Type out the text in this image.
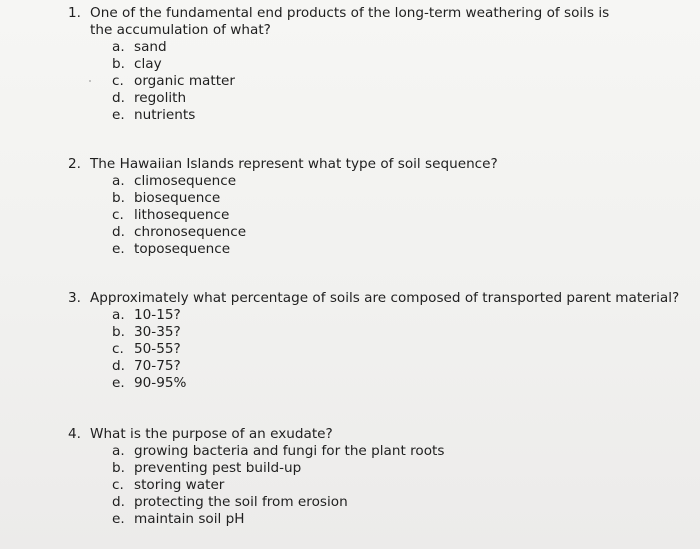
1. One of the fundamental end products of the long-term weathering of soils is the accumulation of what?
a. sand
b. clay
c. organic matter
d. regolith
e. nutrients
2. The Hawaiian Islands represent what type of soil sequence?
a. climosequence
b. biosequence
c. lithosequence
d. chronosequence
e. toposequence
3. Approximately what percentage of soils are composed of transported parent material?
a. 10-15?
b. 30-35?
c. 50-55?
d. 70-75?
e. 90-95%
4. What is the purpose of an exudate?
a. growing bacteria and fungi for the plant roots
b. preventing pest build-up
c. storing water
d. protecting the soil from erosion
e. maintain soil pH
